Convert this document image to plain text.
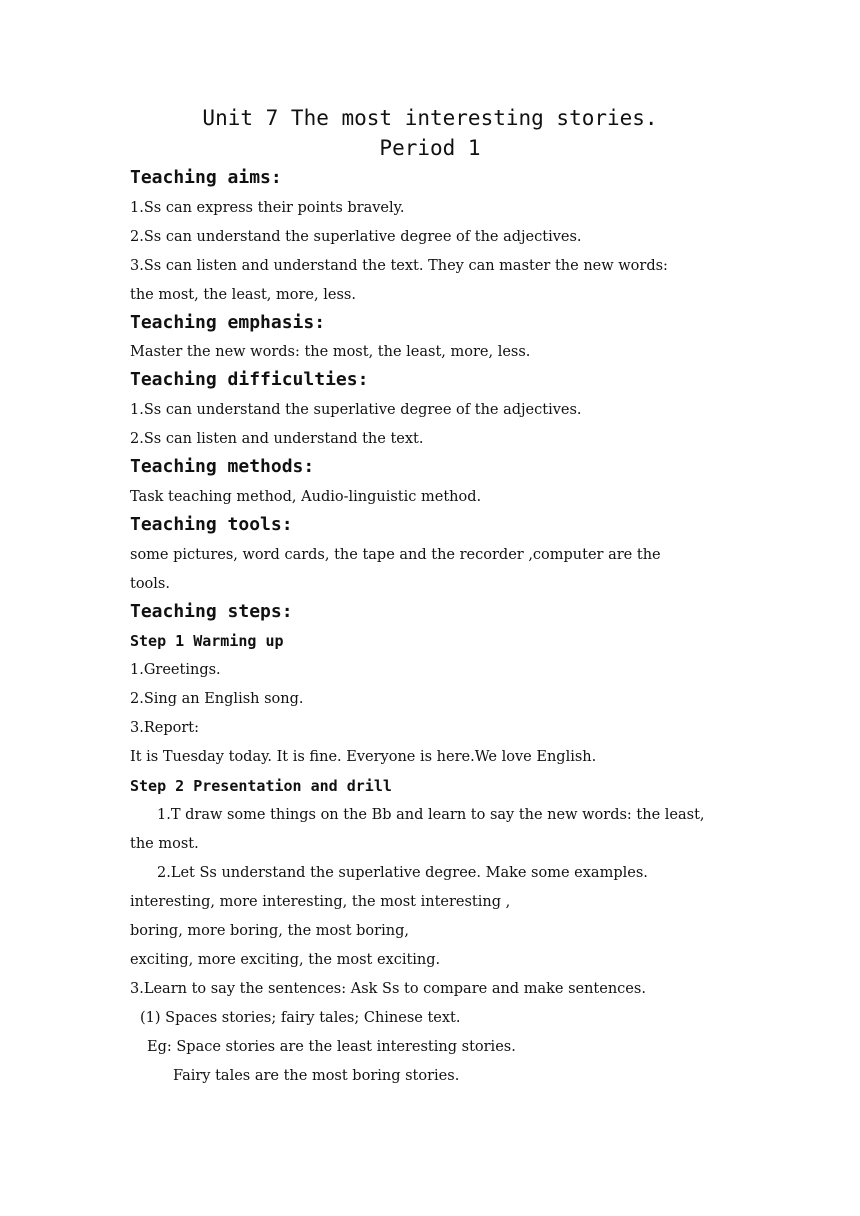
Unit 7 The most interesting stories.
Period 1
Teaching aims:
1.Ss can express their points bravely.
2.Ss can understand the superlative degree of the adjectives.
3.Ss can listen and understand the text. They can master the new words:
the most, the least, more, less.
Teaching emphasis:
Master the new words: the most, the least, more, less.
Teaching difficulties:
1.Ss can understand the superlative degree of the adjectives.
2.Ss can listen and understand the text.
Teaching methods:
Task teaching method, Audio-linguistic method.
Teaching tools:
some pictures, word cards, the tape and the recorder ,computer are the
tools.
Teaching steps:
Step 1 Warming up
1.Greetings.
2.Sing an English song.
3.Report:
It is Tuesday today. It is fine. Everyone is here.We love English.
Step 2 Presentation and drill
1.T draw some things on the Bb and learn to say the new words: the least,
the most.
2.Let Ss understand the superlative degree. Make some examples.
interesting, more interesting, the most interesting ,
boring, more boring, the most boring,
exciting, more exciting, the most exciting.
3.Learn to say the sentences: Ask Ss to compare and make sentences.
(1) Spaces stories; fairy tales; Chinese text.
Eg: Space stories are the least interesting stories.
Fairy tales are the most boring stories.
